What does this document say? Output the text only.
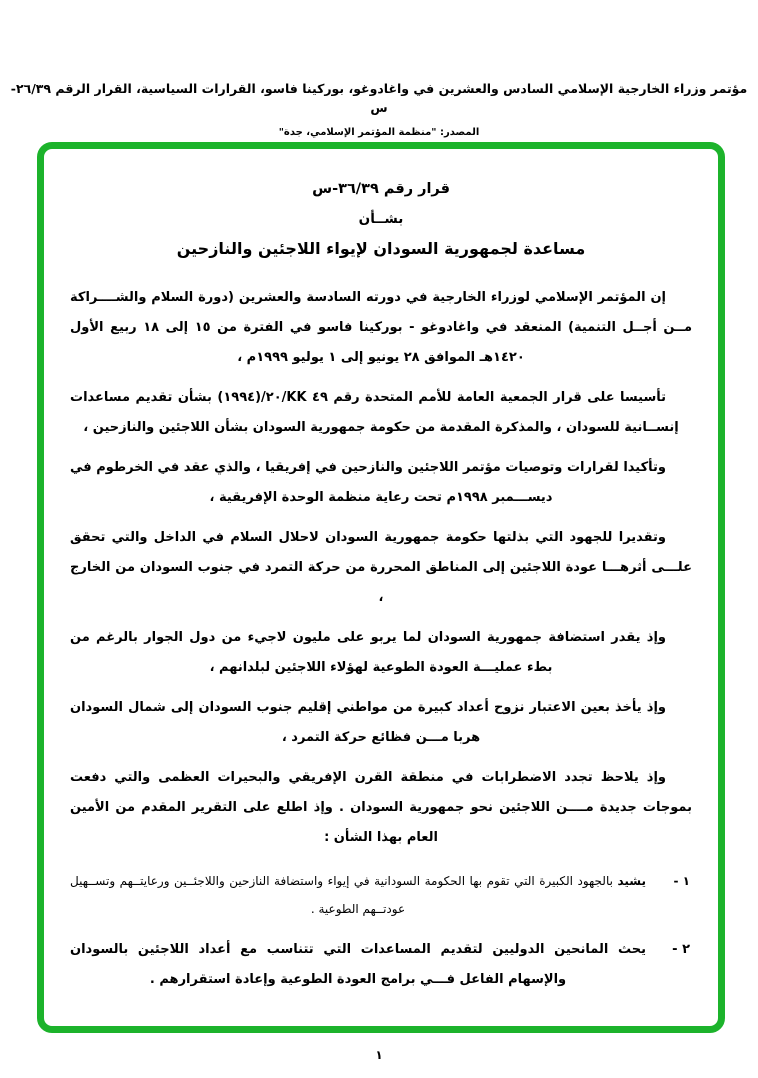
مؤتمر وزراء الخارجية الإسلامي السادس والعشرين في واغادوغو، بوركينا فاسو، القرارات السياسية، القرار الرقم ٢٦/٣٩-س
المصدر: "منظمة المؤتمر الإسلامي، جدة"
قرار رقم ٣٦/٣٩-س
بشــأن
مساعدة لجمهورية السودان لإيواء اللاجئين والنازحين

إن المؤتمر الإسلامي لوزراء الخارجية في دورته السادسة والعشرين (دورة السلام والشــــراكة مــن أجــل التنمية) المنعقد في واغادوغو - بوركينا فاسو في الفترة من ١٥ إلى ١٨ ربيع الأول ١٤٢٠هـ الموافق ٢٨ يونيو إلى ١ يوليو ١٩٩٩م ،

تأسيسا على قرار الجمعية العامة للأمم المتحدة رقم ٤٩ KK/٢٠/(١٩٩٤) بشأن تقديم مساعدات إنســانية للسودان ، والمذكرة المقدمة من حكومة جمهورية السودان بشأن اللاجئين والنازحين ،

وتأكيدا لقرارات وتوصيات مؤتمر اللاجئين والنازحين في إفريقيا ، والذي عقد في الخرطوم في ديســـمبر ١٩٩٨م تحت رعاية منظمة الوحدة الإفريقية ،

وتقديرا للجهود التي بذلتها حكومة جمهورية السودان لاحلال السلام في الداخل والتي تحقق علـــى أثرهـــا عودة اللاجئين إلى المناطق المحررة من حركة التمرد في جنوب السودان من الخارج ،

وإذ يقدر استضافة جمهورية السودان لما يربو على مليون لاجيء من دول الجوار بالرغم من بطء عمليـــة العودة الطوعية لهؤلاء اللاجئين لبلدانهم ،

وإذ يأخذ بعين الاعتبار نزوح أعداد كبيرة من مواطني إقليم جنوب السودان إلى شمال السودان هربا مـــن فظائع حركة التمرد ،

وإذ يلاحظ تجدد الاضطرابات في منطقة القرن الإفريقي والبحيرات العظمى والتي دفعت بموجات جديدة مــــن اللاجئين نحو جمهورية السودان . وإذ اطلع على التقرير المقدم من الأمين العام بهذا الشأن :

١ -

يشيد بالجهود الكبيرة التي تقوم بها الحكومة السودانية في إيواء واستضافة النازحين واللاجئــين ورعايتــهم وتســهيل عودتــهم الطوعية .

٢ -

يحث المانحين الدوليين لتقديم المساعدات التي تتناسب مع أعداد اللاجئين بالسودان والإسهام الفاعل فـــي برامج العودة الطوعية وإعادة استقرارهم .

١
